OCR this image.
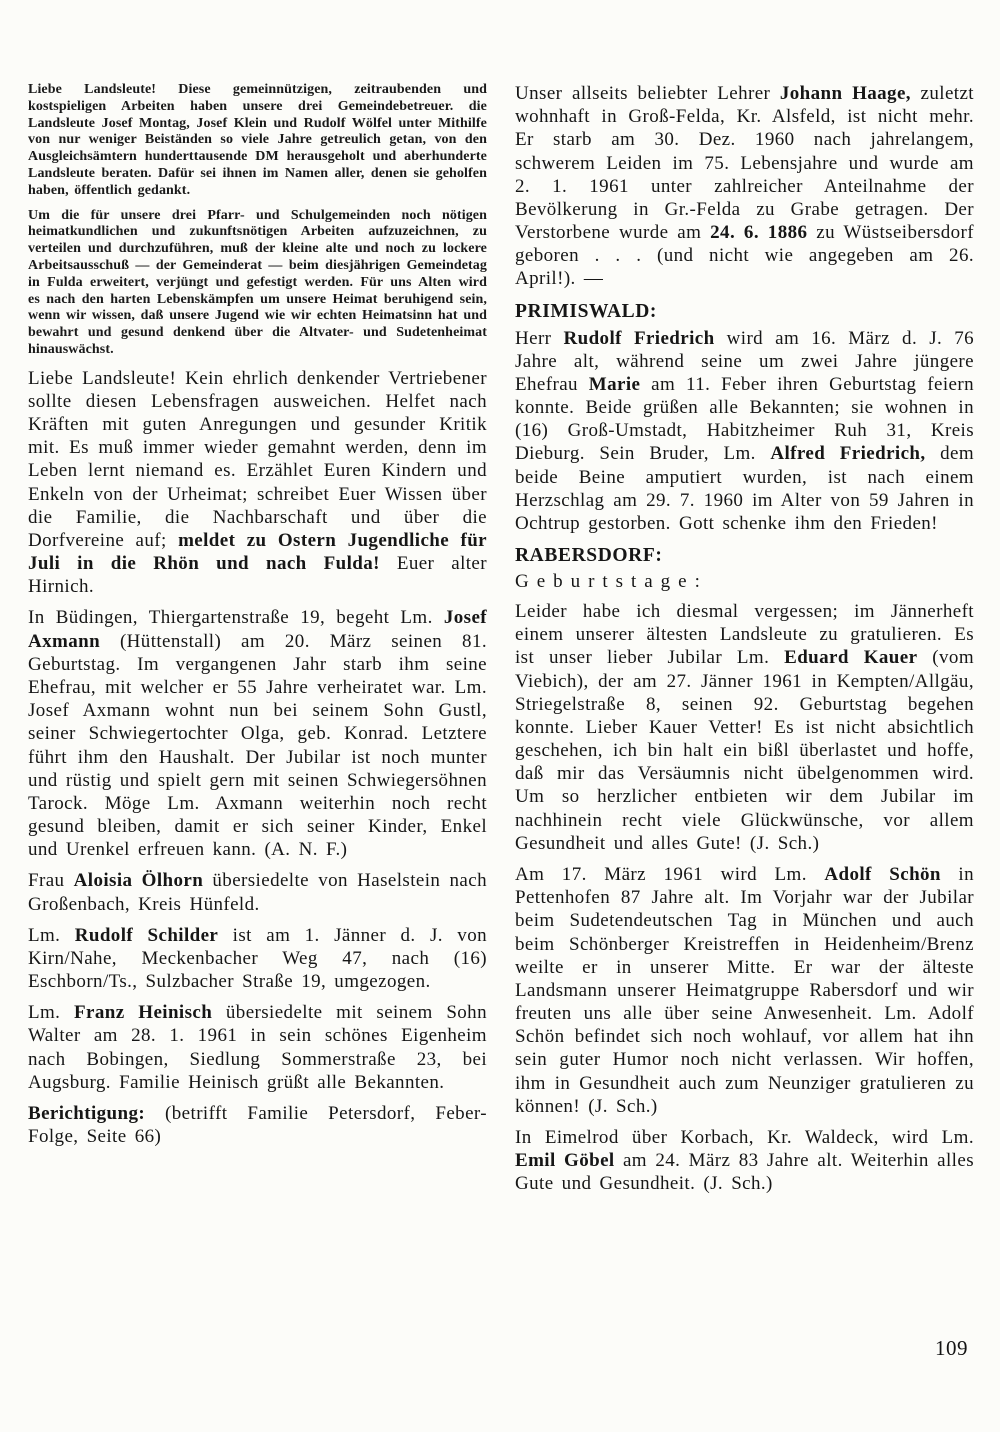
Liebe Landsleute! Diese gemeinnützigen, zeitraubenden und kostspieligen Arbeiten haben unsere drei Gemeindebetreuer. die Landsleute Josef Montag, Josef Klein und Rudolf Wölfel unter Mithilfe von nur weniger Beiständen so viele Jahre getreulich getan, von den Ausgleichsämtern hunderttausende DM herausgeholt und aberhunderte Landsleute beraten. Dafür sei ihnen im Namen aller, denen sie geholfen haben, öffentlich gedankt.

Um die für unsere drei Pfarr- und Schulgemeinden noch nötigen heimatkundlichen und zukunftsnötigen Arbeiten aufzuzeichnen, zu verteilen und durchzuführen, muß der kleine alte und noch zu lockere Arbeitsausschuß — der Gemeinderat — beim diesjährigen Gemeindetag in Fulda erweitert, verjüngt und gefestigt werden. Für uns Alten wird es nach den harten Lebenskämpfen um unsere Heimat beruhigend sein, wenn wir wissen, daß unsere Jugend wie wir echten Heimatsinn hat und bewahrt und gesund denkend über die Altvater- und Sudetenheimat hinauswächst.

Liebe Landsleute! Kein ehrlich denkender Vertriebener sollte diesen Lebensfragen ausweichen. Helfet nach Kräften mit guten Anregungen und gesunder Kritik mit. Es muß immer wieder gemahnt werden, denn im Leben lernt niemand es. Erzählet Euren Kindern und Enkeln von der Urheimat; schreibet Euer Wissen über die Familie, die Nachbarschaft und über die Dorfvereine auf; meldet zu Ostern Jugendliche für Juli in die Rhön und nach Fulda! Euer alter Hirnich.

In Büdingen, Thiergartenstraße 19, begeht Lm. Josef Axmann (Hüttenstall) am 20. März seinen 81. Geburtstag. Im vergangenen Jahr starb ihm seine Ehefrau, mit welcher er 55 Jahre verheiratet war. Lm. Josef Axmann wohnt nun bei seinem Sohn Gustl, seiner Schwiegertochter Olga, geb. Konrad. Letztere führt ihm den Haushalt. Der Jubilar ist noch munter und rüstig und spielt gern mit seinen Schwiegersöhnen Tarock. Möge Lm. Axmann weiterhin noch recht gesund bleiben, damit er sich seiner Kinder, Enkel und Urenkel erfreuen kann. (A. N. F.)

Frau Aloisia Ölhorn übersiedelte von Haselstein nach Großenbach, Kreis Hünfeld.

Lm. Rudolf Schilder ist am 1. Jänner d. J. von Kirn/Nahe, Meckenbacher Weg 47, nach (16) Eschborn/Ts., Sulzbacher Straße 19, umgezogen.

Lm. Franz Heinisch übersiedelte mit seinem Sohn Walter am 28. 1. 1961 in sein schönes Eigenheim nach Bobingen, Siedlung Sommerstraße 23, bei Augsburg. Familie Heinisch grüßt alle Bekannten.

Berichtigung: (betrifft Familie Petersdorf, Feber-Folge, Seite 66)

Unser allseits beliebter Lehrer Johann Haage, zuletzt wohnhaft in Groß-Felda, Kr. Alsfeld, ist nicht mehr. Er starb am 30. Dez. 1960 nach jahrelangem, schwerem Leiden im 75. Lebensjahre und wurde am 2. 1. 1961 unter zahlreicher Anteilnahme der Bevölkerung in Gr.-Felda zu Grabe getragen. Der Verstorbene wurde am 24. 6. 1886 zu Wüstseibersdorf geboren . . . (und nicht wie angegeben am 26. April!). —

PRIMISWALD:

Herr Rudolf Friedrich wird am 16. März d. J. 76 Jahre alt, während seine um zwei Jahre jüngere Ehefrau Marie am 11. Feber ihren Geburtstag feiern konnte. Beide grüßen alle Bekannten; sie wohnen in (16) Groß-Umstadt, Habitzheimer Ruh 31, Kreis Dieburg. Sein Bruder, Lm. Alfred Friedrich, dem beide Beine amputiert wurden, ist nach einem Herzschlag am 29. 7. 1960 im Alter von 59 Jahren in Ochtrup gestorben. Gott schenke ihm den Frieden!

RABERSDORF:
Geburtstage:

Leider habe ich diesmal vergessen; im Jännerheft einem unserer ältesten Landsleute zu gratulieren. Es ist unser lieber Jubilar Lm. Eduard Kauer (vom Viebich), der am 27. Jänner 1961 in Kempten/Allgäu, Striegelstraße 8, seinen 92. Geburtstag begehen konnte. Lieber Kauer Vetter! Es ist nicht absichtlich geschehen, ich bin halt ein bißl überlastet und hoffe, daß mir das Versäumnis nicht übelgenommen wird. Um so herzlicher entbieten wir dem Jubilar im nachhinein recht viele Glückwünsche, vor allem Gesundheit und alles Gute! (J. Sch.)

Am 17. März 1961 wird Lm. Adolf Schön in Pettenhofen 87 Jahre alt. Im Vorjahr war der Jubilar beim Sudetendeutschen Tag in München und auch beim Schönberger Kreistreffen in Heidenheim/Brenz weilte er in unserer Mitte. Er war der älteste Landsmann unserer Heimatgruppe Rabersdorf und wir freuten uns alle über seine Anwesenheit. Lm. Adolf Schön befindet sich noch wohlauf, vor allem hat ihn sein guter Humor noch nicht verlassen. Wir hoffen, ihm in Gesundheit auch zum Neunziger gratulieren zu können! (J. Sch.)

In Eimelrod über Korbach, Kr. Waldeck, wird Lm. Emil Göbel am 24. März 83 Jahre alt. Weiterhin alles Gute und Gesundheit. (J. Sch.)

109
